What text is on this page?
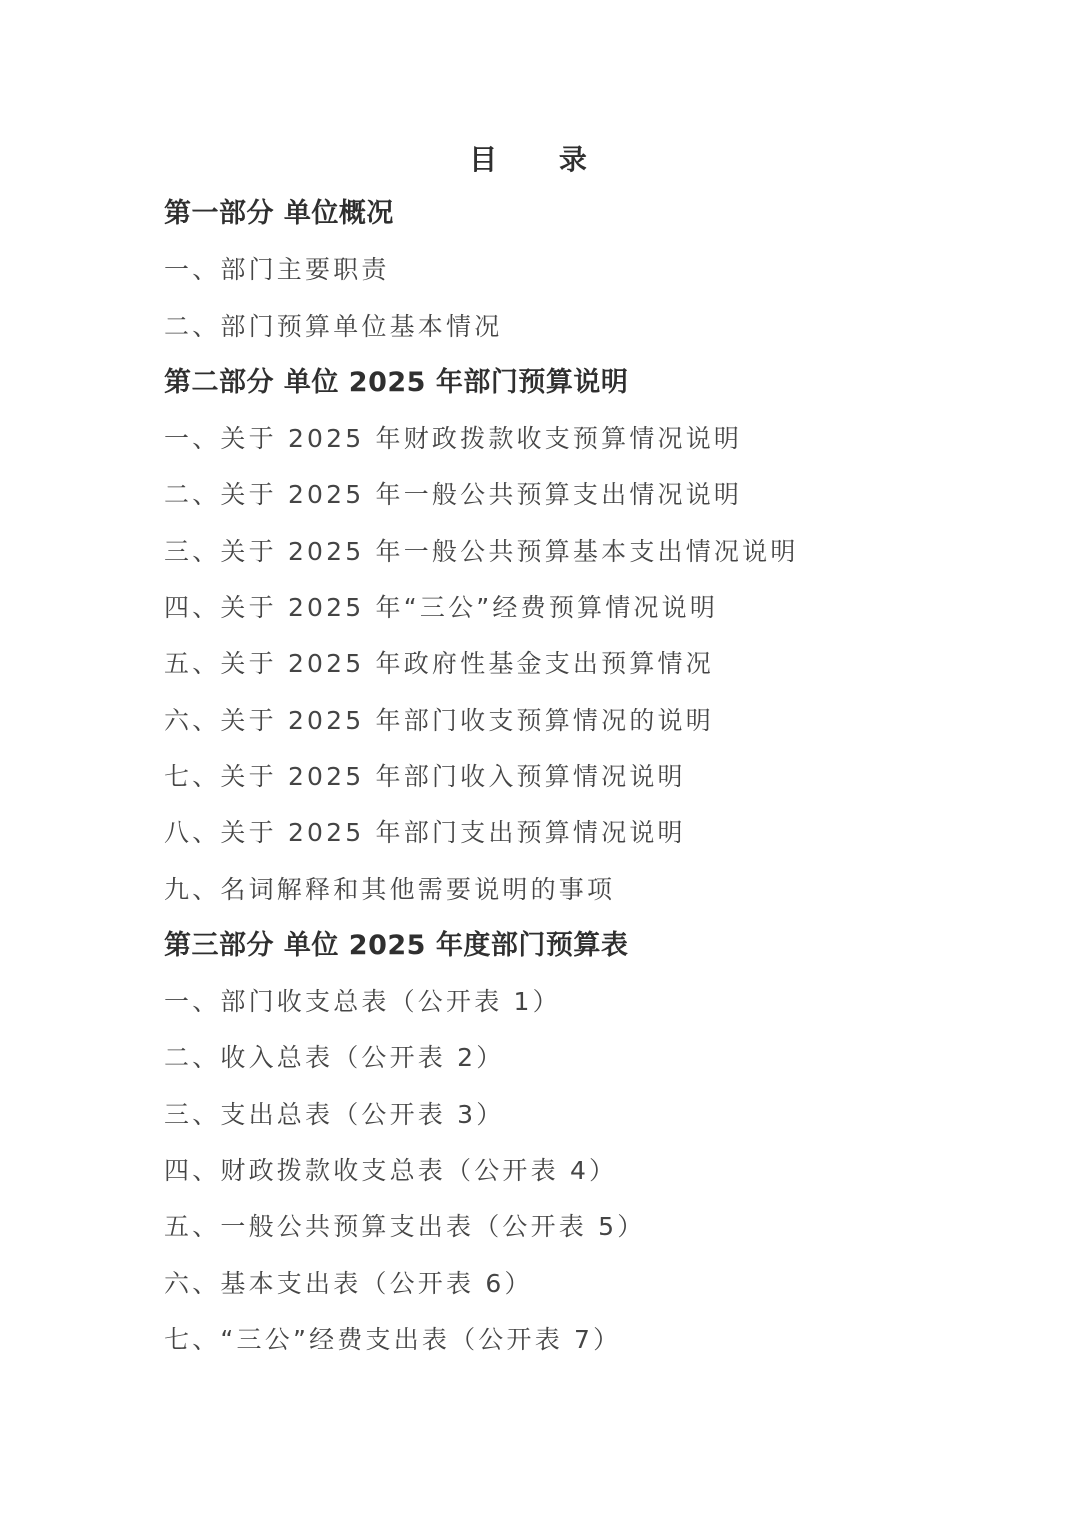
目 录
第一部分 单位概况
一、部门主要职责
二、部门预算单位基本情况
第二部分 单位 2025 年部门预算说明
一、关于 2025 年财政拨款收支预算情况说明
二、关于 2025 年一般公共预算支出情况说明
三、关于 2025 年一般公共预算基本支出情况说明
四、关于 2025 年“三公”经费预算情况说明
五、关于 2025 年政府性基金支出预算情况
六、关于 2025 年部门收支预算情况的说明
七、关于 2025 年部门收入预算情况说明
八、关于 2025 年部门支出预算情况说明
九、名词解释和其他需要说明的事项
第三部分 单位 2025 年度部门预算表
一、部门收支总表（公开表 1）
二、收入总表（公开表 2）
三、支出总表（公开表 3）
四、财政拨款收支总表（公开表 4）
五、一般公共预算支出表（公开表 5）
六、基本支出表（公开表 6）
七、“三公”经费支出表（公开表 7）
